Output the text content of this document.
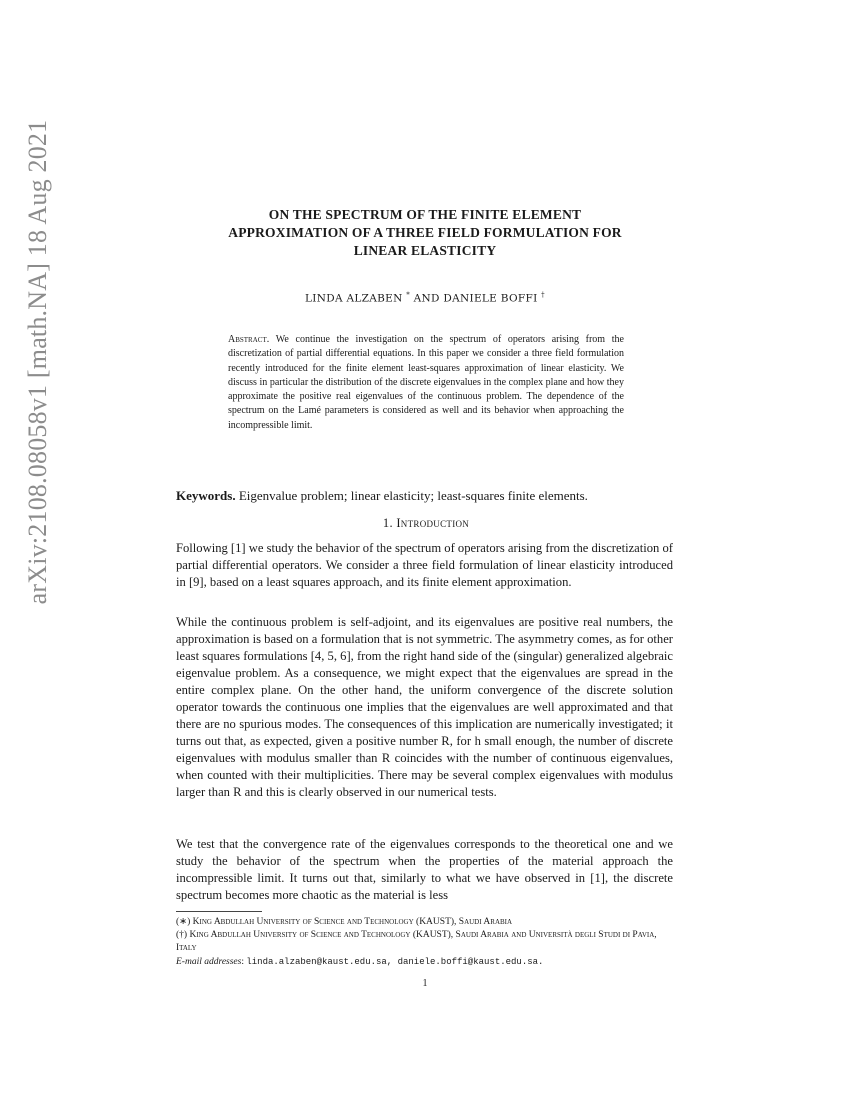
arXiv:2108.08058v1 [math.NA] 18 Aug 2021	ON THE SPECTRUM OF THE FINITE ELEMENT
APPROXIMATION OF A THREE FIELD FORMULATION FOR
LINEAR ELASTICITY
LINDA ALZABEN * AND DANIELE BOFFI †
Abstract. We continue the investigation on the spectrum of operators arising from the discretization of partial differential equations. In this paper we consider a three field formulation recently introduced for the finite element least-squares approximation of linear elasticity. We discuss in particular the distribution of the discrete eigenvalues in the complex plane and how they approximate the positive real eigenvalues of the continuous problem. The dependence of the spectrum on the Lamé parameters is considered as well and its behavior when approaching the incompressible limit.
Keywords. Eigenvalue problem; linear elasticity; least-squares finite elements.
1. Introduction
Following [1] we study the behavior of the spectrum of operators arising from the discretization of partial differential operators. We consider a three field formulation of linear elasticity introduced in [9], based on a least squares approach, and its finite element approximation.
While the continuous problem is self-adjoint, and its eigenvalues are positive real numbers, the approximation is based on a formulation that is not symmetric. The asymmetry comes, as for other least squares formulations [4, 5, 6], from the right hand side of the (singular) generalized algebraic eigenvalue problem. As a consequence, we might expect that the eigenvalues are spread in the entire complex plane. On the other hand, the uniform convergence of the discrete solution operator towards the continuous one implies that the eigenvalues are well approximated and that there are no spurious modes. The consequences of this implication are numerically investigated; it turns out that, as expected, given a positive number R, for h small enough, the number of discrete eigenvalues with modulus smaller than R coincides with the number of continuous eigenvalues, when counted with their multiplicities. There may be several complex eigenvalues with modulus larger than R and this is clearly observed in our numerical tests.
We test that the convergence rate of the eigenvalues corresponds to the theoretical one and we study the behavior of the spectrum when the properties of the material approach the incompressible limit. It turns out that, similarly to what we have observed in [1], the discrete spectrum becomes more chaotic as the material is less
(∗) King Abdullah University of Science and Technology (KAUST), Saudi Arabia
(†) King Abdullah University of Science and Technology (KAUST), Saudi Arabia and Università degli Studi di Pavia, Italy
E-mail addresses: linda.alzaben@kaust.edu.sa, daniele.boffi@kaust.edu.sa.
1
